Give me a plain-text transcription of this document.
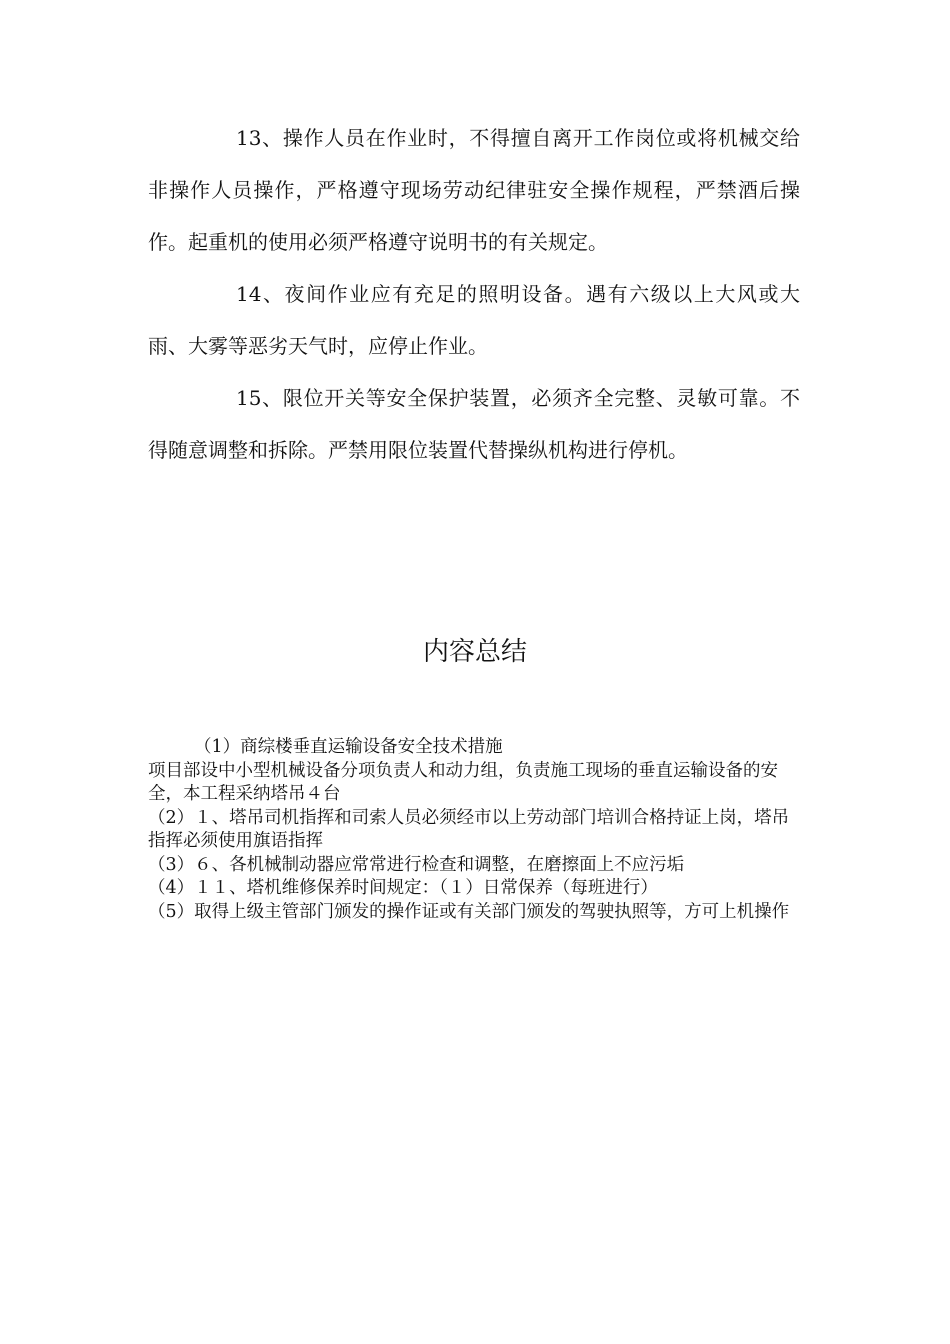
13、操作人员在作业时，不得擅自离开工作岗位或将机械交给非操作人员操作，严格遵守现场劳动纪律驻安全操作规程，严禁酒后操作。起重机的使用必须严格遵守说明书的有关规定。

14、夜间作业应有充足的照明设备。遇有六级以上大风或大雨、大雾等恶劣天气时，应停止作业。

15、限位开关等安全保护装置，必须齐全完整、灵敏可靠。不得随意调整和拆除。严禁用限位装置代替操纵机构进行停机。

内容总结

（1）商综楼垂直运输设备安全技术措施

项目部设中小型机械设备分项负责人和动力组，负责施工现场的垂直运输设备的安全，本工程采纳塔吊４台

（2）１、塔吊司机指挥和司索人员必须经市以上劳动部门培训合格持证上岗，塔吊指挥必须使用旗语指挥

（3）６、各机械制动器应常常进行检查和调整，在磨擦面上不应污垢

（4）１１、塔机维修保养时间规定：（１）日常保养（每班进行）

（5）取得上级主管部门颁发的操作证或有关部门颁发的驾驶执照等，方可上机操作
